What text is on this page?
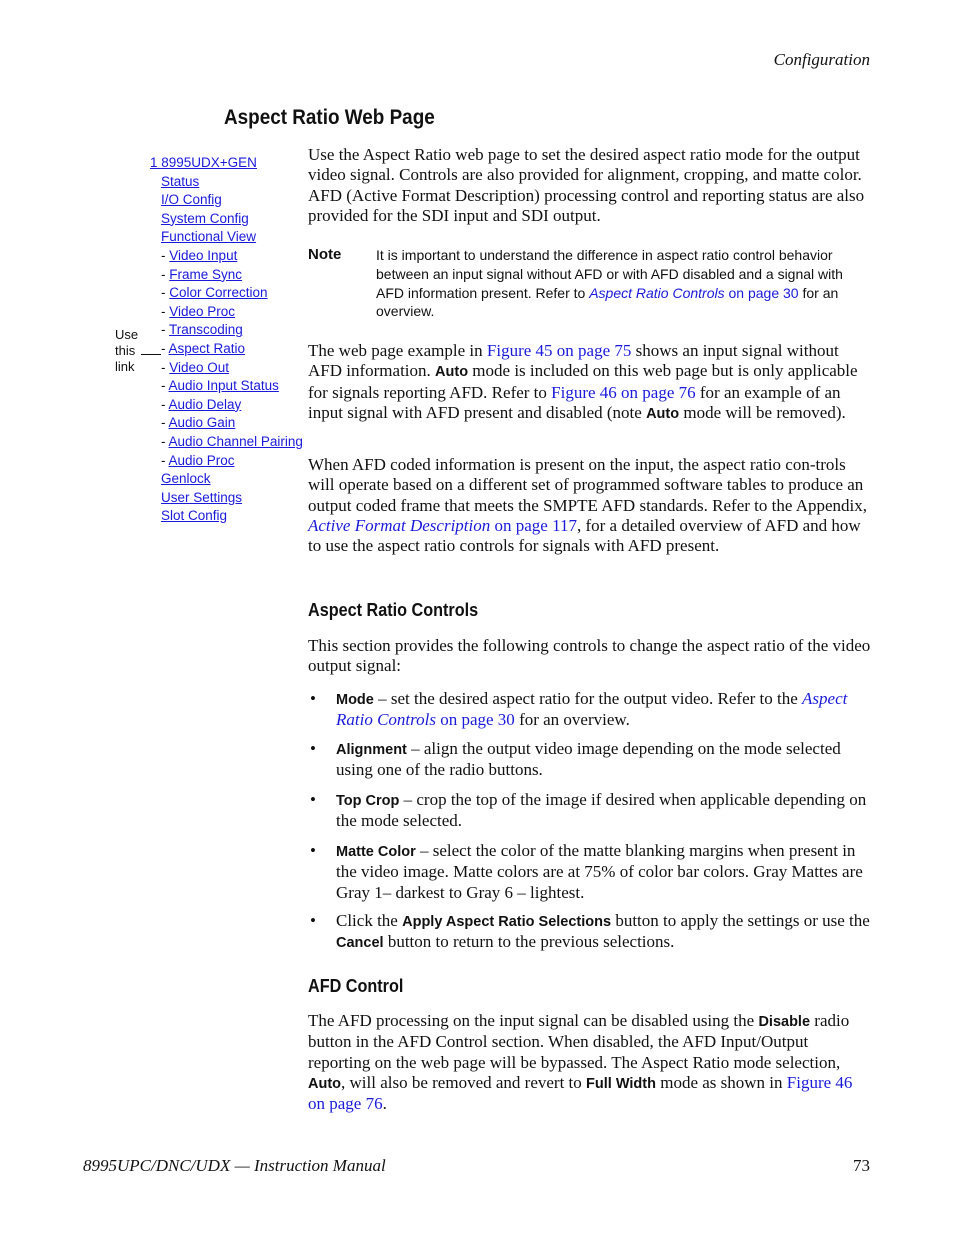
Configuration
Aspect Ratio Web Page
1 8995UDX+GEN
Status
I/O Config
System Config
Functional View
- Video Input
- Frame Sync
- Color Correction
- Video Proc
- Transcoding
- Aspect Ratio
- Video Out
- Audio Input Status
- Audio Delay
- Audio Gain
- Audio Channel Pairing
- Audio Proc
Genlock
User Settings
Slot Config
Use
this
link

Use the Aspect Ratio web page to set the desired aspect ratio mode for the output video signal. Controls are also provided for alignment, cropping, and matte color. AFD (Active Format Description) processing control and reporting status are also provided for the SDI input and SDI output.

Note It is important to understand the difference in aspect ratio control behavior between an input signal without AFD or with AFD disabled and a signal with AFD information present. Refer to Aspect Ratio Controls on page 30 for an overview.

The web page example in Figure 45 on page 75 shows an input signal without AFD information. Auto mode is included on this web page but is only applicable for signals reporting AFD. Refer to Figure 46 on page 76 for an example of an input signal with AFD present and disabled (note Auto mode will be removed).

When AFD coded information is present on the input, the aspect ratio con-trols will operate based on a different set of programmed software tables to produce an output coded frame that meets the SMPTE AFD standards. Refer to the Appendix, Active Format Description on page 117, for a detailed overview of AFD and how to use the aspect ratio controls for signals with AFD present.

Aspect Ratio Controls

This section provides the following controls to change the aspect ratio of the video output signal:

• Mode – set the desired aspect ratio for the output video. Refer to the Aspect Ratio Controls on page 30 for an overview.
• Alignment – align the output video image depending on the mode selected using one of the radio buttons.
• Top Crop – crop the top of the image if desired when applicable depending on the mode selected.
• Matte Color – select the color of the matte blanking margins when present in the video image. Matte colors are at 75% of color bar colors. Gray Mattes are Gray 1– darkest to Gray 6 – lightest.
• Click the Apply Aspect Ratio Selections button to apply the settings or use the Cancel button to return to the previous selections.
AFD Control

The AFD processing on the input signal can be disabled using the Disable radio button in the AFD Control section. When disabled, the AFD Input/Output reporting on the web page will be bypassed. The Aspect Ratio mode selection, Auto, will also be removed and revert to Full Width mode as shown in Figure 46 on page 76.

8995UPC/DNC/UDX — Instruction Manual	73
